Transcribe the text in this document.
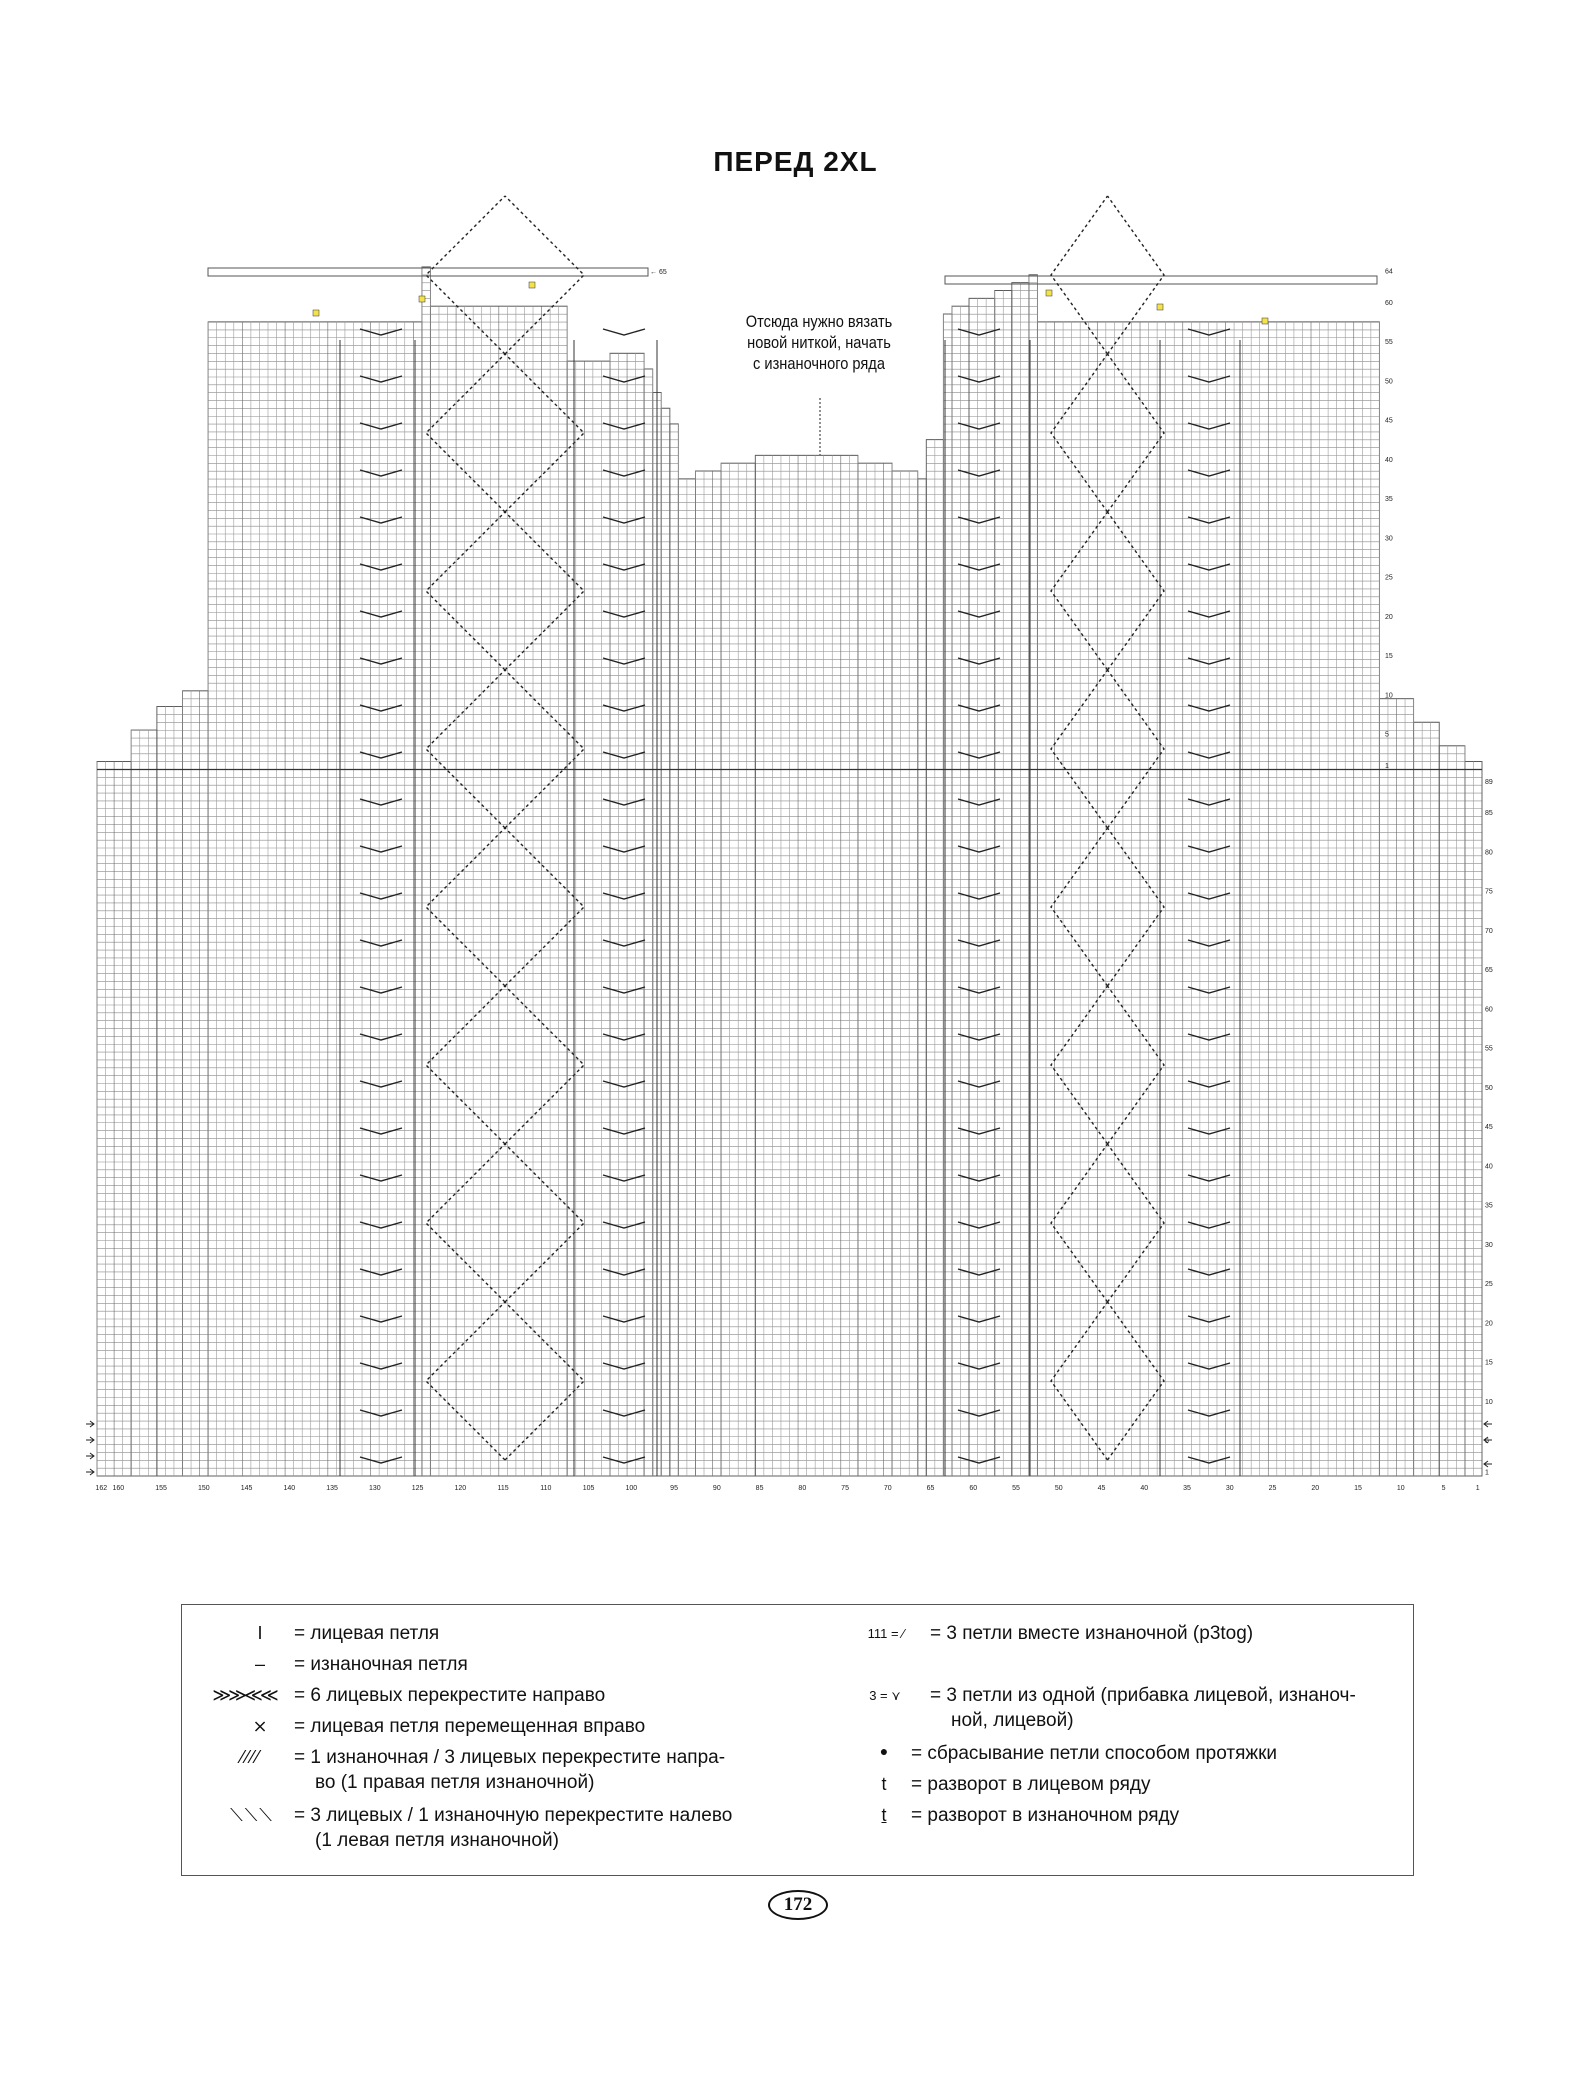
ПЕРЕД 2XL
162 160	155	150	145	140	135	130	125	120	115	110	105	100	95	90	85	80	75	70	65	60	55	50	45	40	35	30	25	20	15	10	5	1
89
85
80
75
70
65
60
55
50
45
40
35
30
25
20
15
10
5
1
1
5
10
15
20
25
30
35
40
45
50
55
60
64
← 65
Отсюда нужно вязать
новой ниткой, начать
с изнаночного ряда
I	= лицевая петля
–	= изнаночная петля
≫≫≪≪ = 6 лицевых перекрестите направо
⨯	= лицевая петля перемещенная вправо
⁄⁄⁄⁄	= 1 изнаночная / 3 лицевых перекрестите напра-
во (1 правая петля изнаночной)
⟍⟍⟍	= 3 лицевых / 1 изнаночную перекрестите налево
(1 левая петля изнаночной)
111 = ⁄	= 3 петли вместе изнаночной (p3tog)
3 = ⋎	= 3 петли из одной (прибавка лицевой, изнаноч-
ной, лицевой)
●	= сбрасывание петли способом протяжки
t	= разворот в лицевом ряду
t	= разворот в изнаночном ряду
172
